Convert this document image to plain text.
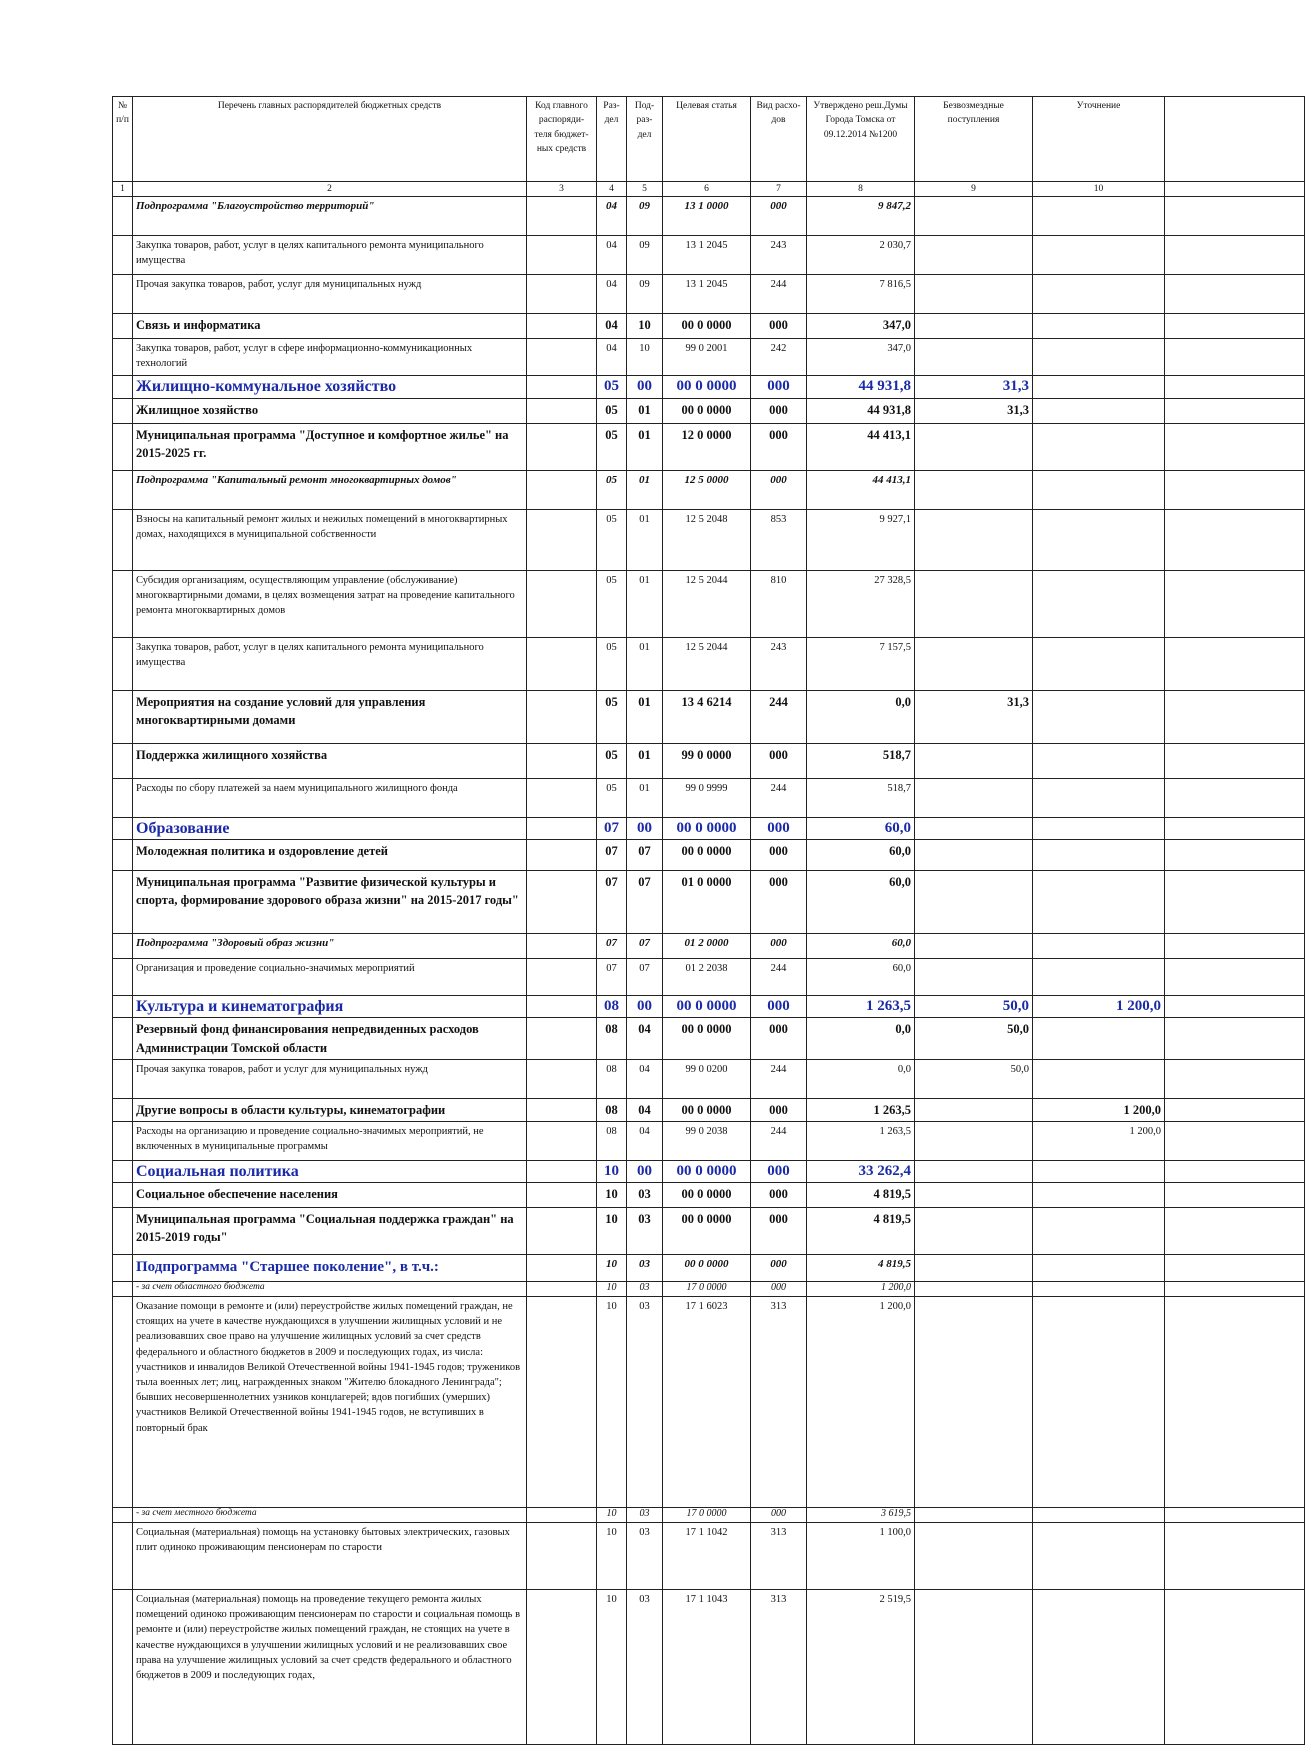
№ п/п	Перечень главных распорядителей бюджетных средств	Код главного распоряди- теля бюджет- ных средств	Раз- дел	Под- раз- дел	Целевая статья	Вид расхо- дов	Утверждено реш.Думы Города Томска от 09.12.2014 №1200	Безвозмездные поступления	Уточнение	
1	2	3	4	5	6	7	8	9	10	
	Подпрограмма "Благоустройство территорий"		04	09	13 1 0000	000	9 847,2			
	Закупка товаров, работ, услуг в целях капитального ремонта муниципального имущества		04	09	13 1 2045	243	2 030,7			
	Прочая закупка товаров, работ, услуг для муниципальных нужд		04	09	13 1 2045	244	7 816,5			
	Связь и информатика		04	10	00 0 0000	000	347,0			
	Закупка товаров, работ, услуг в сфере информационно-коммуникационных технологий		04	10	99 0 2001	242	347,0			
	Жилищно-коммунальное хозяйство		05	00	00 0 0000	000	44 931,8	31,3		
	Жилищное хозяйство		05	01	00 0 0000	000	44 931,8	31,3		
	Муниципальная программа "Доступное и комфортное жилье" на 2015-2025 гг.		05	01	12 0 0000	000	44 413,1			
	Подпрограмма "Капитальный ремонт многоквартирных домов"		05	01	12 5 0000	000	44 413,1			
	Взносы на капитальный ремонт жилых и нежилых помещений в многоквартирных домах, находящихся в муниципальной собственности		05	01	12 5 2048	853	9 927,1			
	Субсидия организациям, осуществляющим управление (обслуживание) многоквартирными домами, в целях возмещения затрат на проведение капитального ремонта многоквартирных домов		05	01	12 5 2044	810	27 328,5			
	Закупка товаров, работ, услуг в целях капитального ремонта муниципального имущества		05	01	12 5 2044	243	7 157,5			
	Мероприятия на создание условий для управления многоквартирными домами		05	01	13 4 6214	244	0,0	31,3		
	Поддержка жилищного хозяйства		05	01	99 0 0000	000	518,7			
	Расходы по сбору платежей за наем муниципального жилищного фонда		05	01	99 0 9999	244	518,7			
	Образование		07	00	00 0 0000	000	60,0			
	Молодежная политика и оздоровление детей		07	07	00 0 0000	000	60,0			
	Муниципальная программа "Развитие физической культуры и спорта, формирование здорового образа жизни" на 2015-2017 годы"		07	07	01 0 0000	000	60,0			
	Подпрограмма "Здоровый образ жизни"		07	07	01 2 0000	000	60,0			
	Организация и проведение социально-значимых мероприятий		07	07	01 2 2038	244	60,0			
	Культура и кинематография		08	00	00 0 0000	000	1 263,5	50,0	1 200,0	
	Резервный фонд финансирования непредвиденных расходов Администрации Томской области		08	04	00 0 0000	000	0,0	50,0		
	Прочая закупка товаров, работ и услуг для муниципальных нужд		08	04	99 0 0200	244	0,0	50,0		
	Другие вопросы в области культуры, кинематографии		08	04	00 0 0000	000	1 263,5		1 200,0	
	Расходы на организацию и проведение социально-значимых мероприятий, не включенных в муниципальные программы		08	04	99 0 2038	244	1 263,5		1 200,0	
	Социальная политика		10	00	00 0 0000	000	33 262,4			
	Социальное обеспечение населения		10	03	00 0 0000	000	4 819,5			
	Муниципальная программа "Социальная поддержка граждан" на 2015-2019 годы"		10	03	00 0 0000	000	4 819,5			
	Подпрограмма "Старшее поколение", в т.ч.:		10	03	00 0 0000	000	4 819,5			
	- за счет областного бюджета		10	03	17 0 0000	000	1 200,0			
	Оказание помощи в ремонте и (или) переустройстве жилых помещений граждан, не стоящих на учете в качестве нуждающихся в улучшении жилищных условий и не реализовавших свое право на улучшение жилищных условий за счет средств федерального и областного бюджетов в 2009 и последующих годах, из числа: участников и инвалидов Великой Отечественной войны 1941-1945 годов; тружеников тыла военных лет; лиц, награжденных знаком "Жителю блокадного Ленинграда"; бывших несовершеннолетних узников концлагерей; вдов погибших (умерших) участников Великой Отечественной войны 1941-1945 годов, не вступивших в повторный брак		10	03	17 1 6023	313	1 200,0			
	- за счет местного бюджета		10	03	17 0 0000	000	3 619,5			
	Социальная (материальная) помощь на установку бытовых электрических, газовых плит одиноко проживающим пенсионерам по старости		10	03	17 1 1042	313	1 100,0			
	Социальная (материальная) помощь на проведение текущего ремонта жилых помещений одиноко проживающим пенсионерам по старости и социальная помощь в ремонте и (или) переустройстве жилых помещений граждан, не стоящих на учете в качестве нуждающихся в улучшении жилищных условий и не реализовавших свое права на улучшение жилищных условий за счет средств федерального и областного бюджетов в 2009 и последующих годах,		10	03	17 1 1043	313	2 519,5			
